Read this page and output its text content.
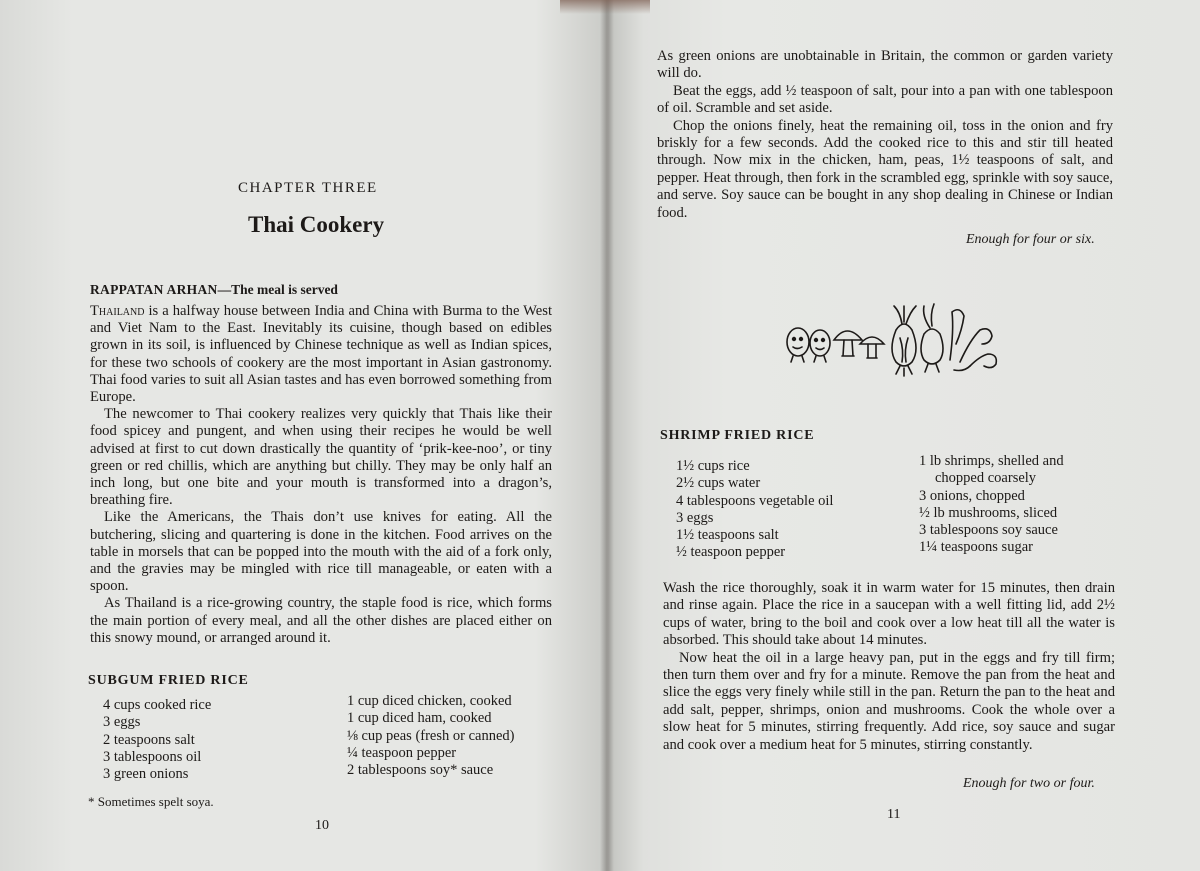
CHAPTER THREE
Thai Cookery
RAPPATAN ARHAN—The meal is served

Thailand is a halfway house between India and China with Burma to the West and Viet Nam to the East. Inevitably its cuisine, though based on edibles grown in its soil, is influenced by Chinese technique as well as Indian spices, for these two schools of cookery are the most important in Asian gastronomy. Thai food varies to suit all Asian tastes and has even borrowed something from Europe.

The newcomer to Thai cookery realizes very quickly that Thais like their food spicey and pungent, and when using their recipes he would be well advised at first to cut down drastically the quantity of ‘prik-kee-noo’, or tiny green or red chillis, which are anything but chilly. They may be only half an inch long, but one bite and your mouth is transformed into a dragon’s, breathing fire.

Like the Americans, the Thais don’t use knives for eating. All the butchering, slicing and quartering is done in the kitchen. Food arrives on the table in morsels that can be popped into the mouth with the aid of a fork only, and the gravies may be mingled with rice till manageable, or eaten with a spoon.

As Thailand is a rice-growing country, the staple food is rice, which forms the main portion of every meal, and all the other dishes are placed either on this snowy mound, or arranged around it.

SUBGUM FRIED RICE
4 cups cooked rice
3 eggs
2 teaspoons salt
3 tablespoons oil
3 green onions
1 cup diced chicken, cooked
1 cup diced ham, cooked
⅛ cup peas (fresh or canned)
¼ teaspoon pepper
2 tablespoons soy* sauce
* Sometimes spelt soya.
10

As green onions are unobtainable in Britain, the common or garden variety will do.

Beat the eggs, add ½ teaspoon of salt, pour into a pan with one tablespoon of oil. Scramble and set aside.

Chop the onions finely, heat the remaining oil, toss in the onion and fry briskly for a few seconds. Add the cooked rice to this and stir till heated through. Now mix in the chicken, ham, peas, 1½ teaspoons of salt, and pepper. Heat through, then fork in the scrambled egg, sprinkle with soy sauce, and serve. Soy sauce can be bought in any shop dealing in Chinese or Indian food.

Enough for four or six.
SHRIMP FRIED RICE
1½ cups rice
2½ cups water
4 tablespoons vegetable oil
3 eggs
1½ teaspoons salt
½ teaspoon pepper
1 lb shrimps, shelled and
chopped coarsely
3 onions, chopped
½ lb mushrooms, sliced
3 tablespoons soy sauce
1¼ teaspoons sugar

Wash the rice thoroughly, soak it in warm water for 15 minutes, then drain and rinse again. Place the rice in a saucepan with a well fitting lid, add 2½ cups of water, bring to the boil and cook over a low heat till all the water is absorbed. This should take about 14 minutes.

Now heat the oil in a large heavy pan, put in the eggs and fry till firm; then turn them over and fry for a minute. Remove the pan from the heat and slice the eggs very finely while still in the pan. Return the pan to the heat and add salt, pepper, shrimps, onion and mushrooms. Cook the whole over a slow heat for 5 minutes, stirring frequently. Add rice, soy sauce and sugar and cook over a medium heat for 5 minutes, stirring constantly.

Enough for two or four.
11
